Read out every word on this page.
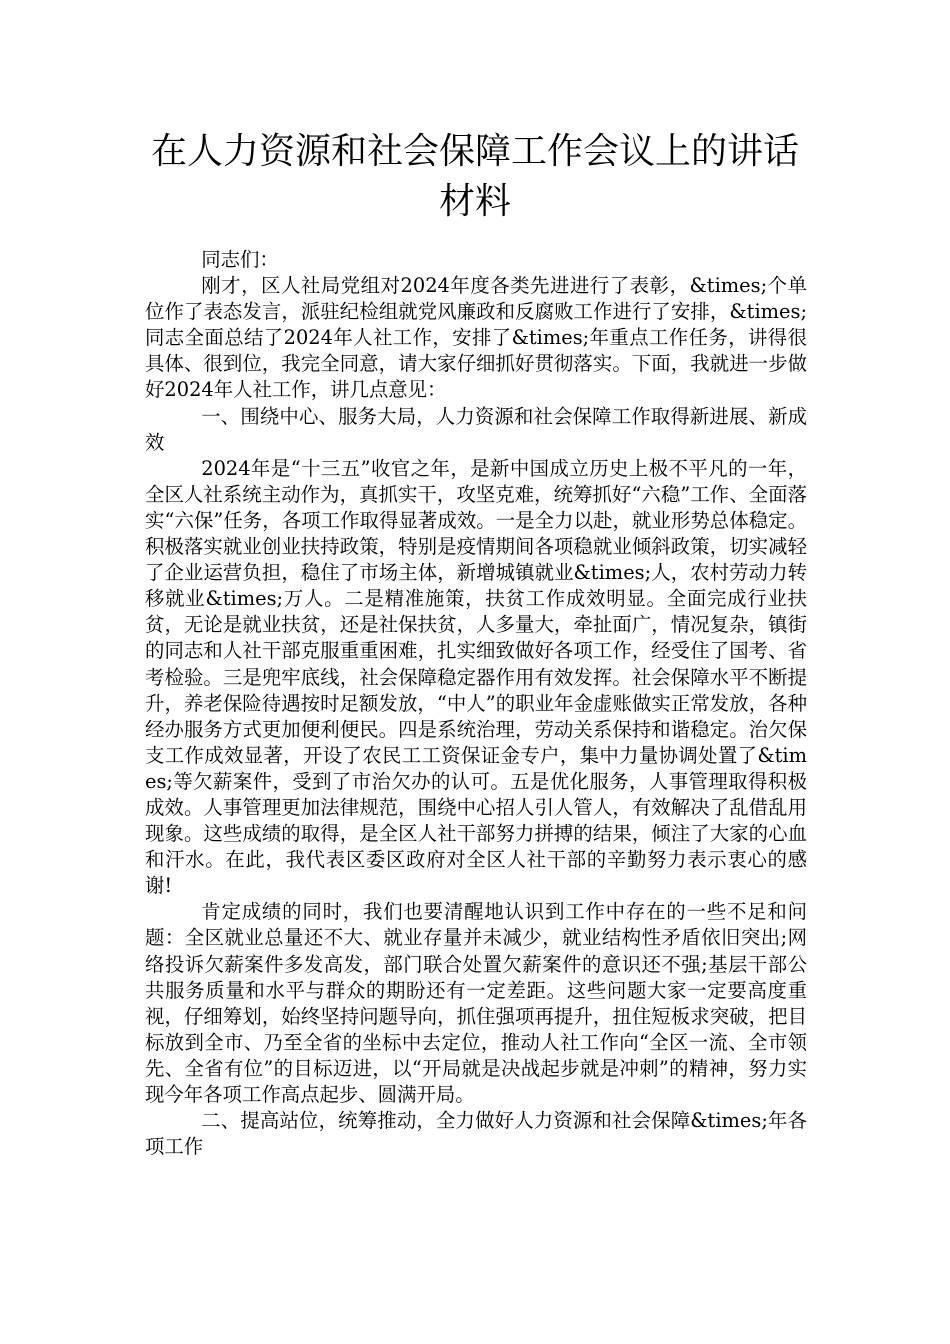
在人力资源和社会保障工作会议上的讲话
材料

同志们：

刚才，区人社局党组对2024年度各类先进进行了表彰，&times;个单位作了表态发言，派驻纪检组就党风廉政和反腐败工作进行了安排，&times;同志全面总结了2024年人社工作，安排了&times;年重点工作任务，讲得很具体、很到位，我完全同意，请大家仔细抓好贯彻落实。下面，我就进一步做好2024年人社工作，讲几点意见：

一、围绕中心、服务大局，人力资源和社会保障工作取得新进展、新成效

2024年是“十三五”收官之年，是新中国成立历史上极不平凡的一年，全区人社系统主动作为，真抓实干，攻坚克难，统筹抓好“六稳”工作、全面落实“六保”任务，各项工作取得显著成效。一是全力以赴，就业形势总体稳定。积极落实就业创业扶持政策，特别是疫情期间各项稳就业倾斜政策，切实减轻了企业运营负担，稳住了市场主体，新增城镇就业&times;人，农村劳动力转移就业&times;万人。二是精准施策，扶贫工作成效明显。全面完成行业扶贫，无论是就业扶贫，还是社保扶贫，人多量大，牵扯面广，情况复杂，镇街的同志和人社干部克服重重困难，扎实细致做好各项工作，经受住了国考、省考检验。三是兜牢底线，社会保障稳定器作用有效发挥。社会保障水平不断提升，养老保险待遇按时足额发放，“中人”的职业年金虚账做实正常发放，各种经办服务方式更加便利便民。四是系统治理，劳动关系保持和谐稳定。治欠保支工作成效显著，开设了农民工工资保证金专户，集中力量协调处置了&times;等欠薪案件，受到了市治欠办的认可。五是优化服务，人事管理取得积极成效。人事管理更加法律规范，围绕中心招人引人管人，有效解决了乱借乱用现象。这些成绩的取得，是全区人社干部努力拼搏的结果，倾注了大家的心血和汗水。在此，我代表区委区政府对全区人社干部的辛勤努力表示衷心的感谢!

肯定成绩的同时，我们也要清醒地认识到工作中存在的一些不足和问题：全区就业总量还不大、就业存量并未减少，就业结构性矛盾依旧突出;网络投诉欠薪案件多发高发，部门联合处置欠薪案件的意识还不强;基层干部公共服务质量和水平与群众的期盼还有一定差距。这些问题大家一定要高度重视，仔细筹划，始终坚持问题导向，抓住强项再提升，扭住短板求突破，把目标放到全市、乃至全省的坐标中去定位，推动人社工作向“全区一流、全市领先、全省有位”的目标迈进，以“开局就是决战起步就是冲刺”的精神，努力实现今年各项工作高点起步、圆满开局。

二、提高站位，统筹推动，全力做好人力资源和社会保障&times;年各项工作
